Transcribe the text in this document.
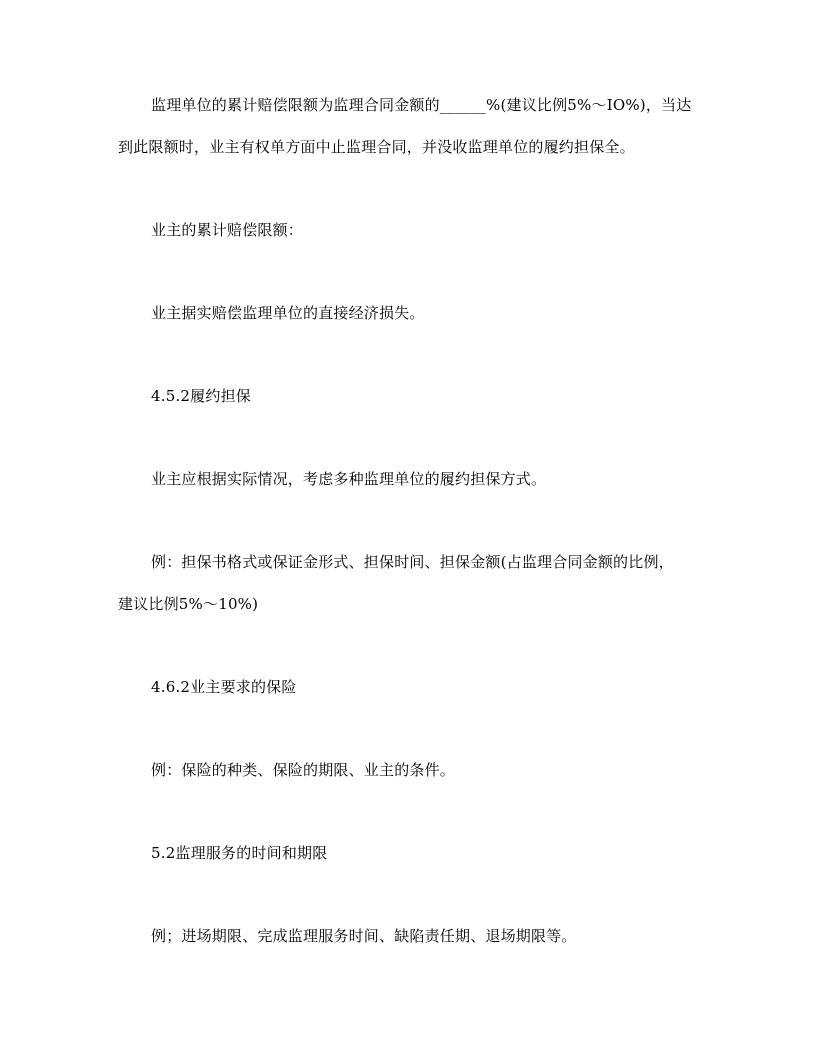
监理单位的累计赔偿限额为监理合同金额的______%(建议比例5%～IO%)，当达
到此限额时，业主有权单方面中止监理合同，并没收监理单位的履约担保全。
业主的累计赔偿限额：
业主据实赔偿监理单位的直接经济损失。
4.5.2履约担保
业主应根据实际情况，考虑多种监理单位的履约担保方式。
例：担保书格式或保证金形式、担保时间、担保金额(占监理合同金额的比例，
建议比例5%～10%)
4.6.2业主要求的保险
例：保险的种类、保险的期限、业主的条件。
5.2监理服务的时间和期限
例；进场期限、完成监理服务时间、缺陷责任期、退场期限等。
